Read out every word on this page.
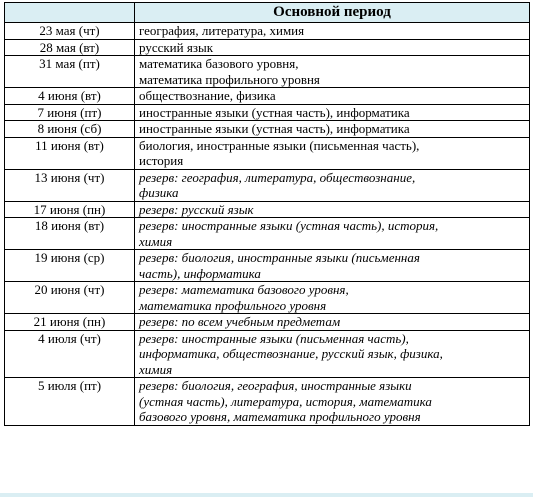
	Основной период
23 мая (чт)	география, литература, химия

28 мая (вт)	русский язык

31 мая (пт)	математика базового уровня,
математика профильного уровня

4 июня (вт)	обществознание, физика

7 июня (пт)	иностранные языки (устная часть), информатика

8 июня (сб)	иностранные языки (устная часть), информатика

11 июня (вт)	биология, иностранные языки (письменная часть),
история

13 июня (чт)	резерв: география, литература, обществознание,
физика

17 июня (пн)	резерв: русский язык

18 июня (вт)	резерв: иностранные языки (устная часть), история,
химия

19 июня (ср)	резерв: биология, иностранные языки (письменная
часть), информатика

20 июня (чт)	резерв: математика базового уровня,
математика профильного уровня

21 июня (пн)	резерв: по всем учебным предметам

4 июля (чт)	резерв: иностранные языки (письменная часть),
информатика, обществознание, русский язык, физика,
химия

5 июля (пт)	резерв: биология, география, иностранные языки
(устная часть), литература, история, математика
базового уровня, математика профильного уровня
